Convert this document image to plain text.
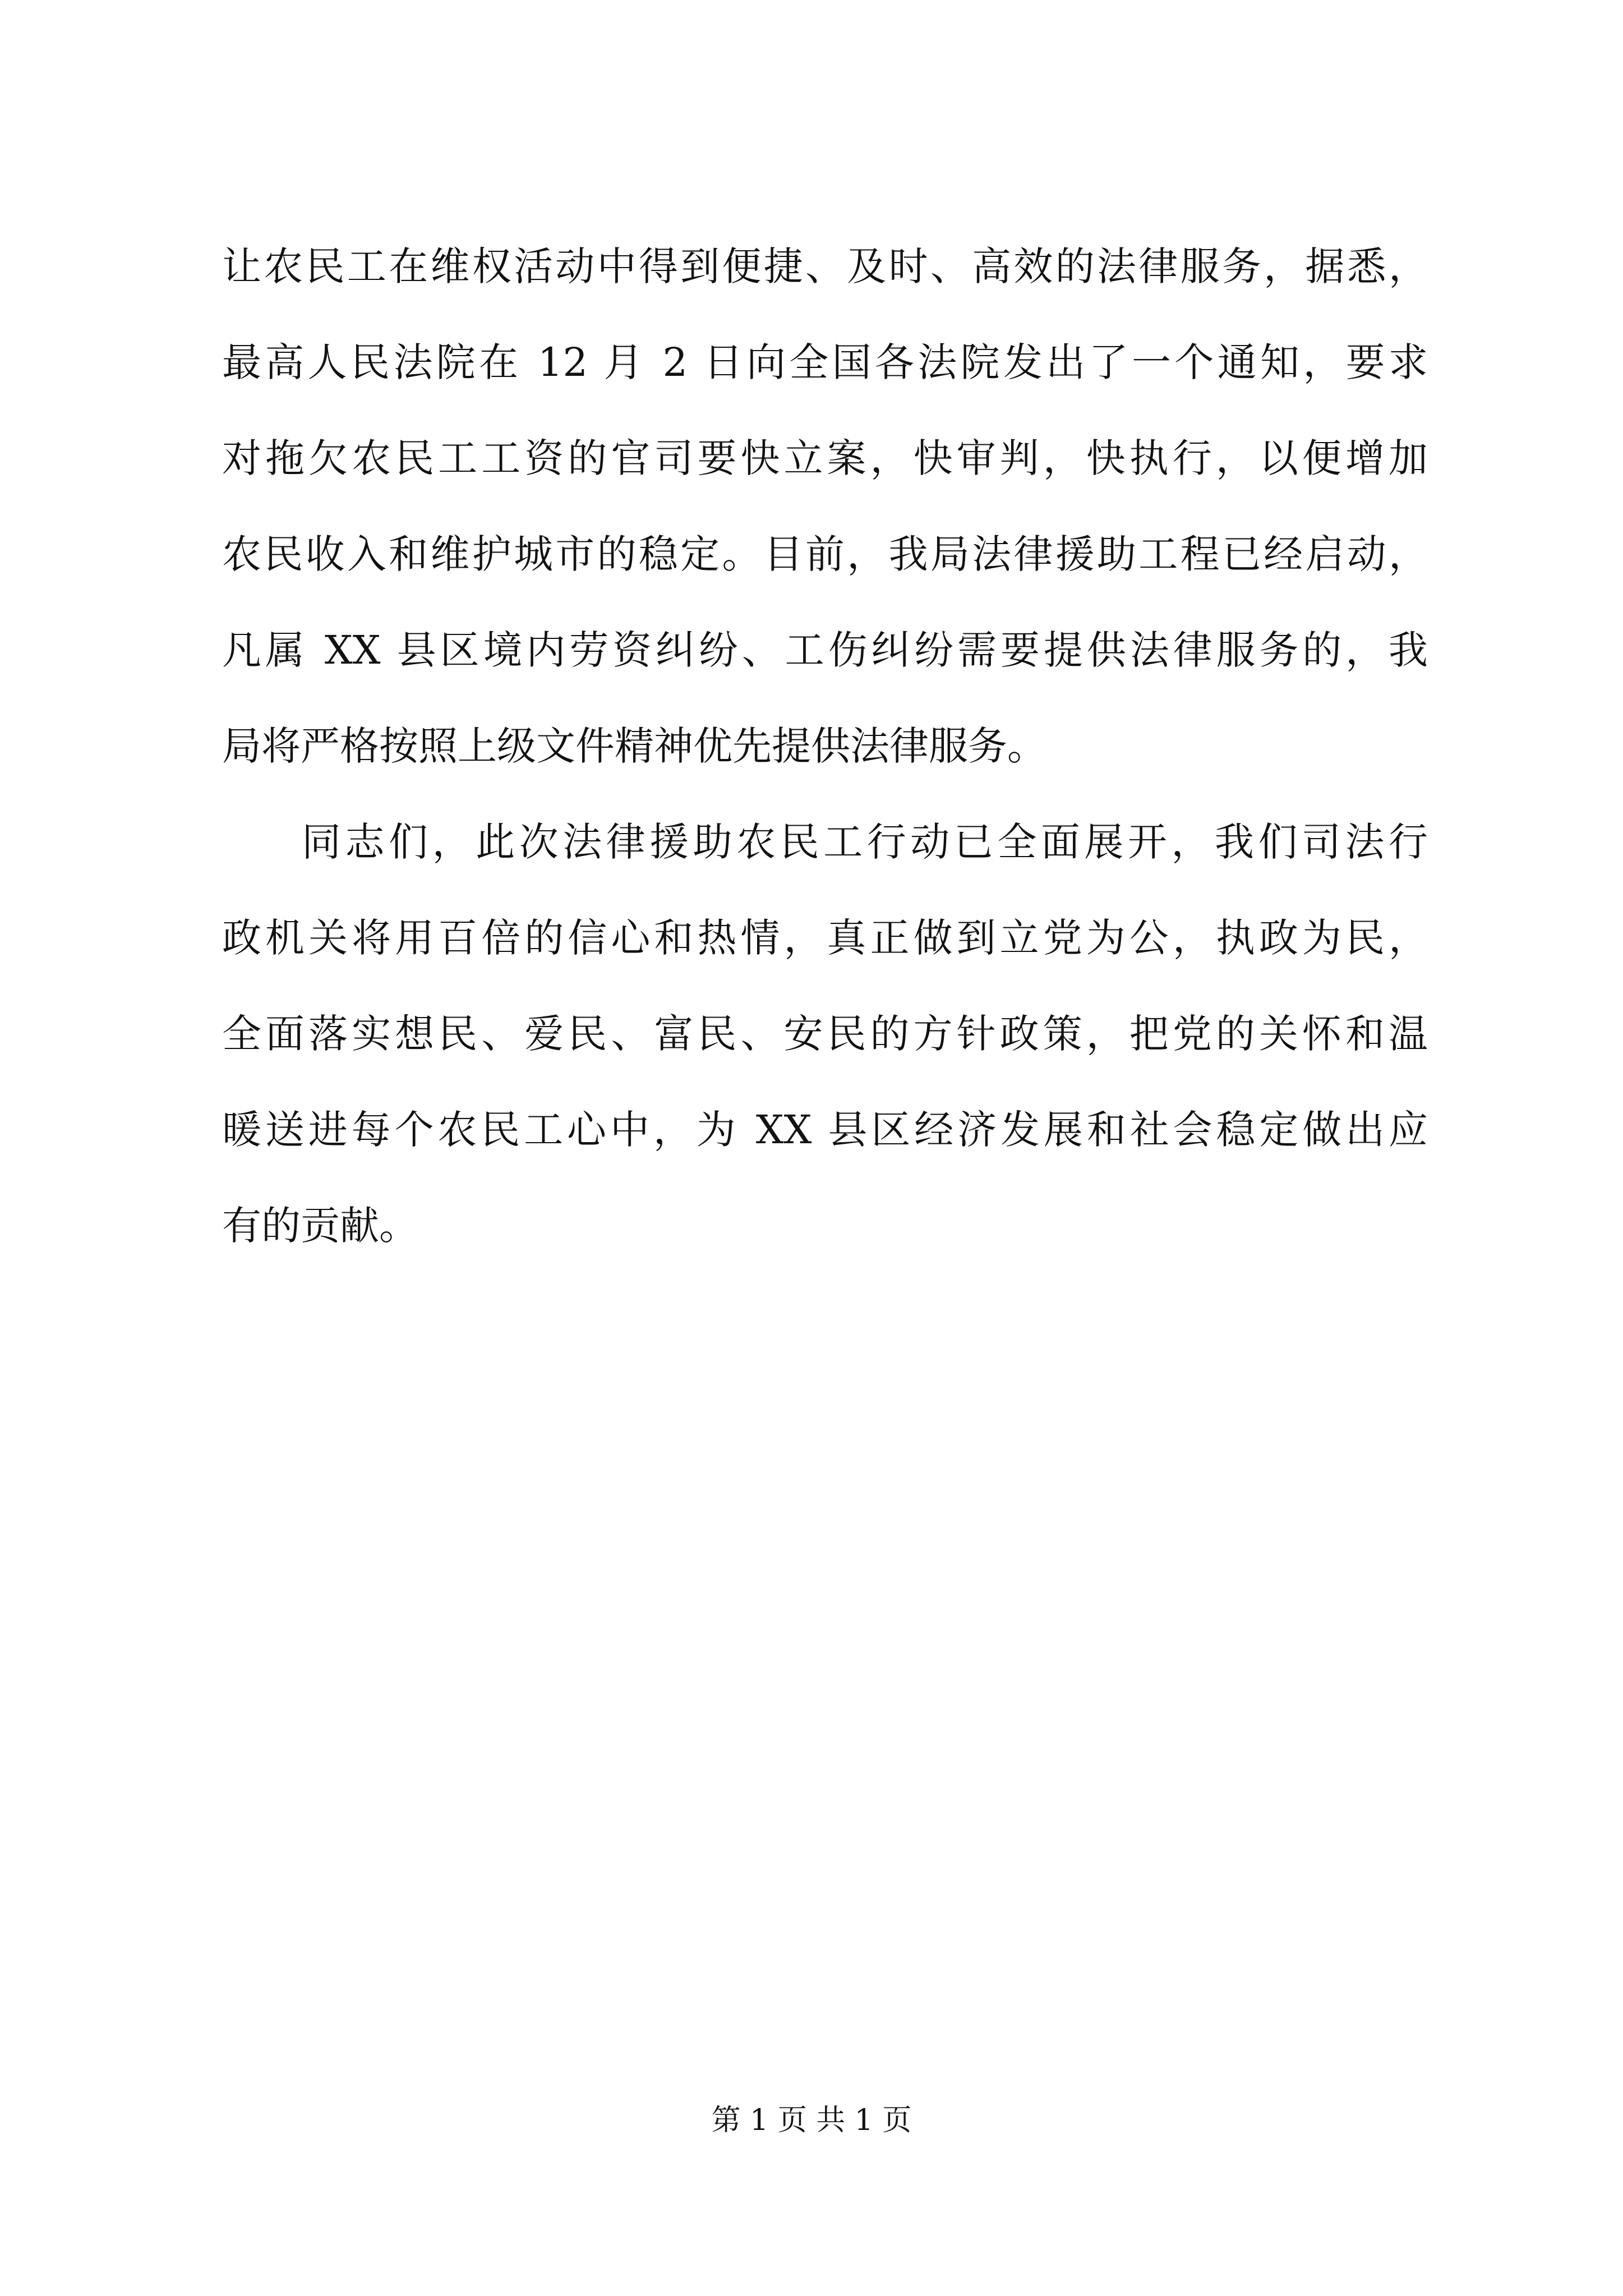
让农民工在维权活动中得到便捷、及时、高效的法律服务，据悉，
最高人民法院在 12 月 2 日向全国各法院发出了一个通知，要求
对拖欠农民工工资的官司要快立案，快审判，快执行，以便增加
农民收入和维护城市的稳定。目前，我局法律援助工程已经启动，
凡属 XX 县区境内劳资纠纷、工伤纠纷需要提供法律服务的，我
局将严格按照上级文件精神优先提供法律服务。
同志们，此次法律援助农民工行动已全面展开，我们司法行
政机关将用百倍的信心和热情，真正做到立党为公，执政为民，
全面落实想民、爱民、富民、安民的方针政策，把党的关怀和温
暖送进每个农民工心中，为 XX 县区经济发展和社会稳定做出应
有的贡献。
第 1 页 共 1 页
